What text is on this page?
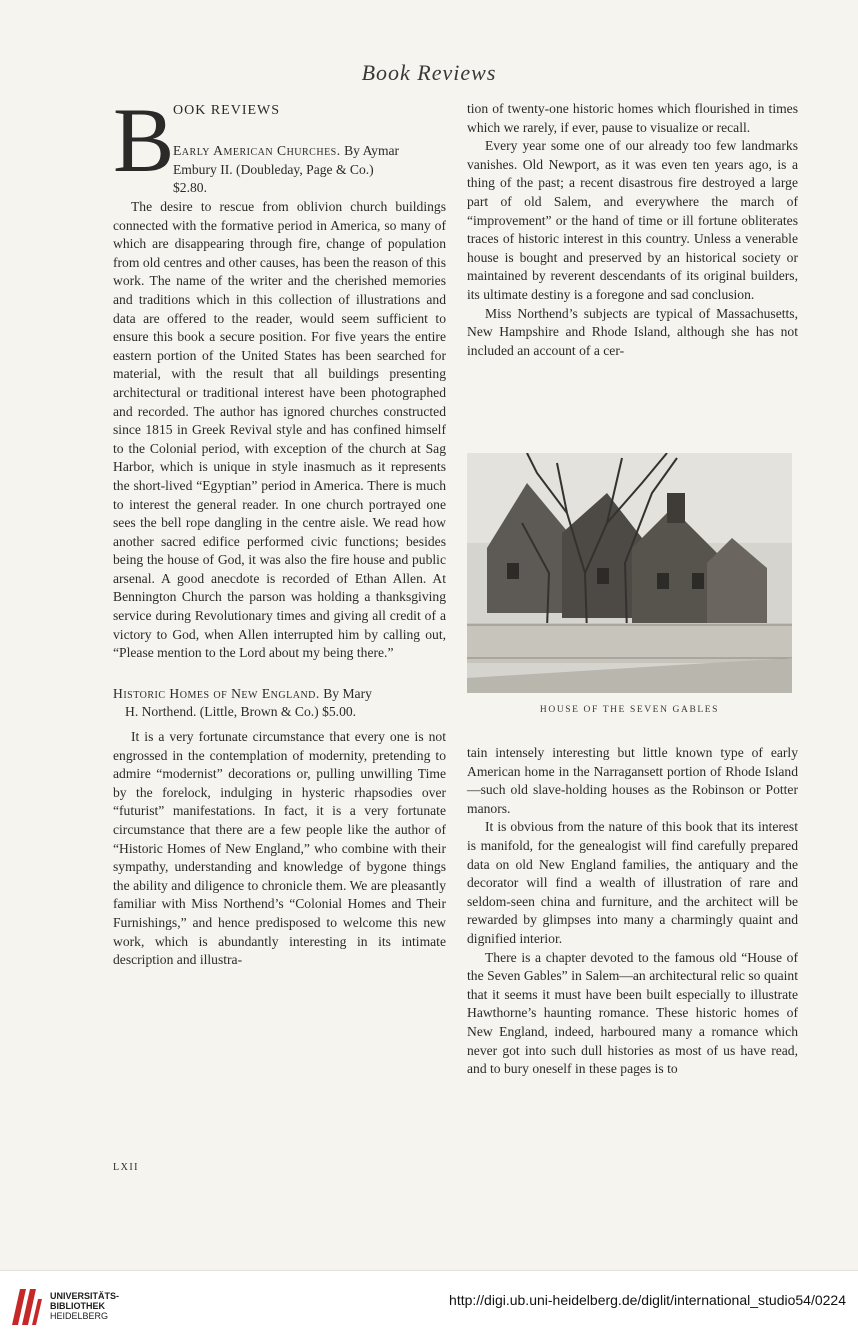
Book Reviews
B
OOK REVIEWS
Early American Churches. By Aymar
Embury II. (Doubleday, Page & Co.)
$2.80.

The desire to rescue from oblivion church buildings connected with the formative period in America, so many of which are disappearing through fire, change of population from old centres and other causes, has been the reason of this work. The name of the writer and the cherished memories and traditions which in this collection of illustrations and data are offered to the reader, would seem sufficient to ensure this book a secure position. For five years the entire eastern portion of the United States has been searched for material, with the result that all buildings presenting architectural or traditional interest have been photographed and recorded. The author has ignored churches constructed since 1815 in Greek Revival style and has confined himself to the Colonial period, with exception of the church at Sag Harbor, which is unique in style inasmuch as it represents the short-lived “Egyptian” period in America. There is much to interest the general reader. In one church portrayed one sees the bell rope dangling in the centre aisle. We read how another sacred edifice performed civic functions; besides being the house of God, it was also the fire house and public arsenal. A good anecdote is recorded of Ethan Allen. At Bennington Church the parson was holding a thanksgiving service during Revolutionary times and giving all credit of a victory to God, when Allen interrupted him by calling out, “Please mention to the Lord about my being there.”

Historic Homes of New England. By Mary
H. Northend. (Little, Brown & Co.) $5.00.

It is a very fortunate circumstance that every one is not engrossed in the contemplation of modernity, pretending to admire “modernist” decorations or, pulling unwilling Time by the forelock, indulging in hysteric rhapsodies over “futurist” manifestations. In fact, it is a very fortunate circumstance that there are a few people like the author of “Historic Homes of New England,” who combine with their sympathy, understanding and knowledge of bygone things the ability and diligence to chronicle them. We are pleasantly familiar with Miss Northend’s “Colonial Homes and Their Furnishings,” and hence predisposed to welcome this new work, which is abundantly interesting in its intimate description and illustra-

tion of twenty-one historic homes which flourished in times which we rarely, if ever, pause to visualize or recall.

Every year some one of our already too few landmarks vanishes. Old Newport, as it was even ten years ago, is a thing of the past; a recent disastrous fire destroyed a large part of old Salem, and everywhere the march of “improvement” or the hand of time or ill fortune obliterates traces of historic interest in this country. Unless a venerable house is bought and preserved by an historical society or maintained by reverent descendants of its original builders, its ultimate destiny is a foregone and sad conclusion.

Miss Northend’s subjects are typical of Massachusetts, New Hampshire and Rhode Island, although she has not included an account of a cer-

HOUSE OF THE SEVEN GABLES

tain intensely interesting but little known type of early American home in the Narragansett portion of Rhode Island—such old slave-holding houses as the Robinson or Potter manors.

It is obvious from the nature of this book that its interest is manifold, for the genealogist will find carefully prepared data on old New England families, the antiquary and the decorator will find a wealth of illustration of rare and seldom-seen china and furniture, and the architect will be rewarded by glimpses into many a charmingly quaint and dignified interior.

There is a chapter devoted to the famous old “House of the Seven Gables” in Salem—an architectural relic so quaint that it seems it must have been built especially to illustrate Hawthorne’s haunting romance. These historic homes of New England, indeed, harboured many a romance which never got into such dull histories as most of us have read, and to bury oneself in these pages is to

LXII
UNIVERSITÄTS-
BIBLIOTHEK
HEIDELBERG
http://digi.ub.uni-heidelberg.de/diglit/international_studio54/0224
